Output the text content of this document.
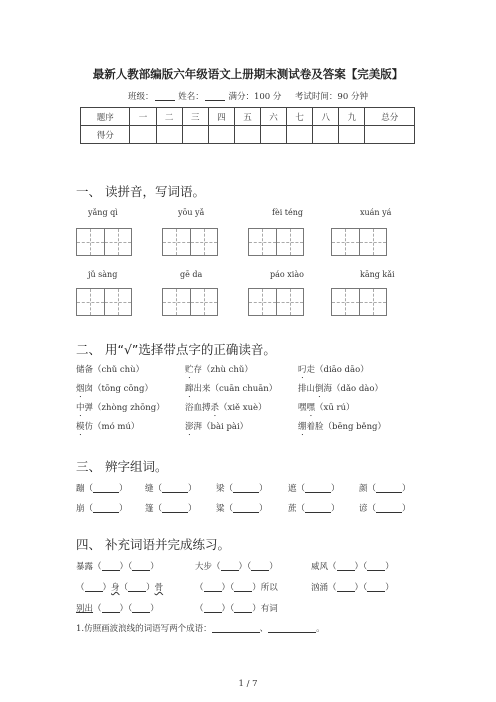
最新人教部编版六年级语文上册期末测试卷及答案【完美版】
班级：	姓名：	满分：100 分 考试时间：90 分钟
题序	一	二	三	四	五	六	七	八	九	总分
得分										
一、 读拼音，写词语。
yǎng qì	yōu yǎ	fèi téng	xuán yá
jǔ sàng	gē da	páo xiào	kāng kǎi
二、 用“√”选择带点字的正确读音。
储备（chǔ chù）	贮存（zhù chǔ）	叼走（diāo dāo）
烟囱（tōng cōng）	蹿出来（cuān chuān） 排山倒海（dǎo dào）
中弹（zhòng zhōng） 浴血搏杀（xiě xuè）	嘿嘿（xū rú）
模仿（mó mú）	澎湃（bài pài）	绷着脸（bēng běng）
三、 辨字组词。
蹦（	） 缝（	） 梁（	） 遮（	） 颜（	）
崩（	） 篷（	） 粱（	） 蔗（	） 谚（	）
四、 补充词语并完成练习。
暴露（ ）（ ）	大步（ ）（ ）	威风（ ）（ ）
（ ）身（ ）骨	（ ）（ ）所以	汹涌（ ）（ ）
别出（ ）（ ）	（ ）（ ）有词
1.仿照画波浪线的词语写两个成语：	、	。
1 / 7
